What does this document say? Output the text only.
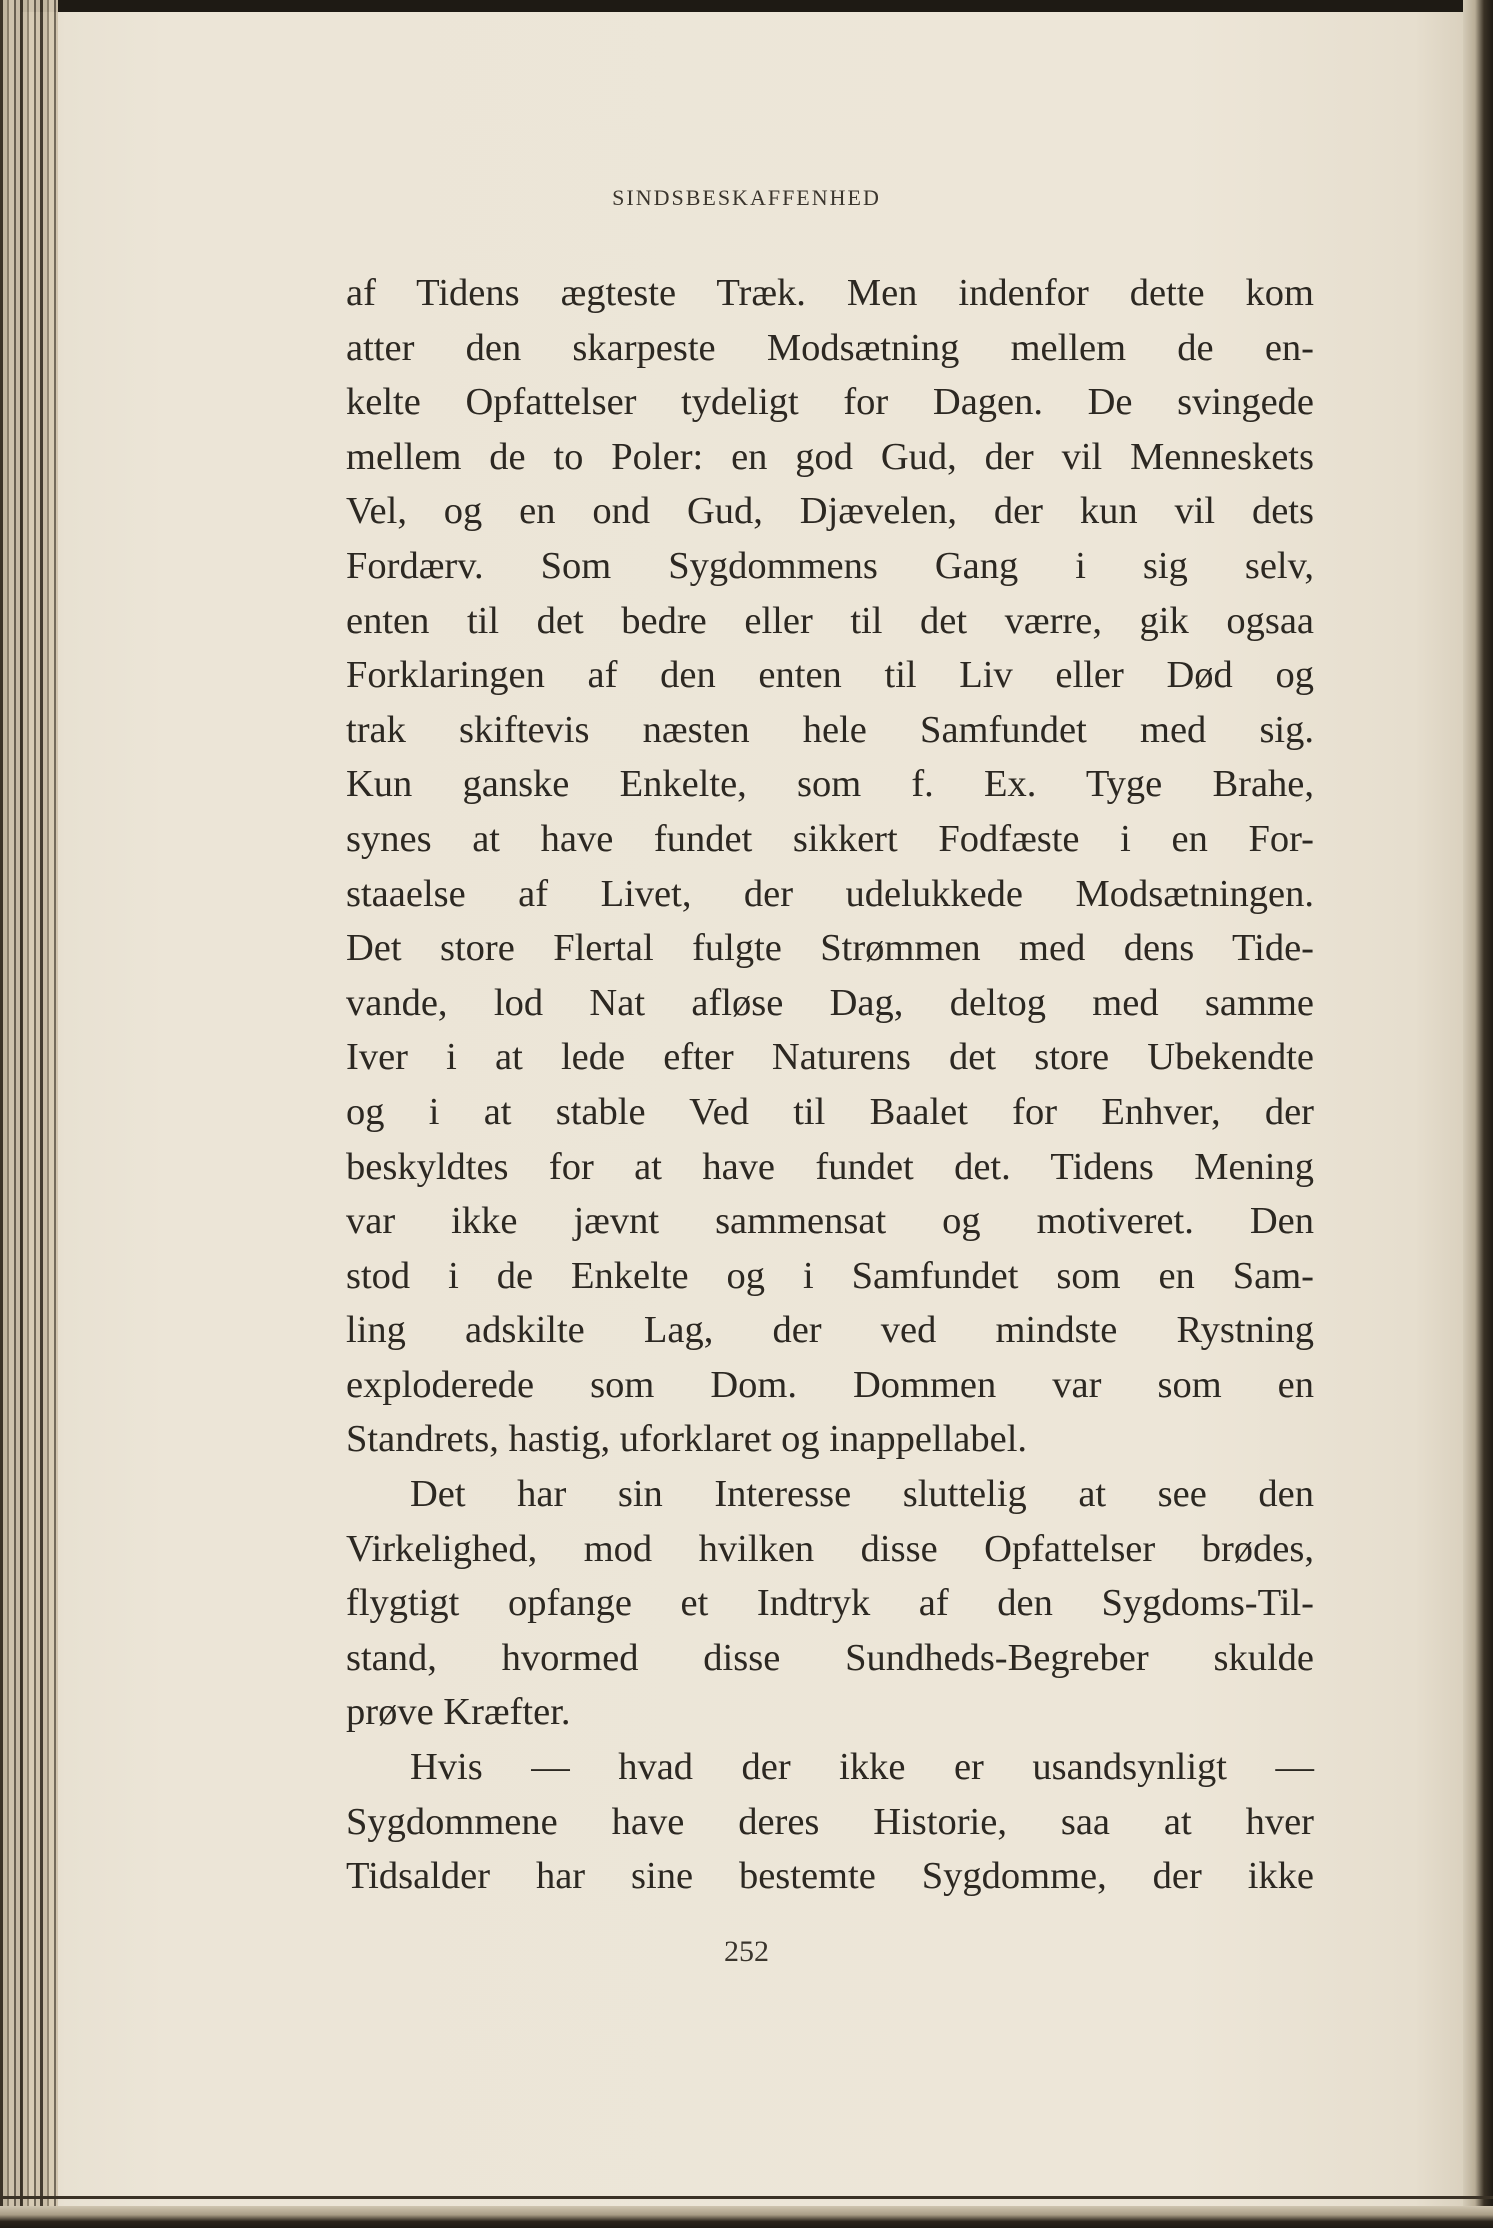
SINDSBESKAFFENHED
af Tidens ægteste Træk. Men indenfor dette kom
atter den skarpeste Modsætning mellem de en-
kelte Opfattelser tydeligt for Dagen. De svingede
mellem de to Poler: en god Gud, der vil Menneskets
Vel, og en ond Gud, Djævelen, der kun vil dets
Fordærv. Som Sygdommens Gang i sig selv,
enten til det bedre eller til det værre, gik ogsaa
Forklaringen af den enten til Liv eller Død og
trak skiftevis næsten hele Samfundet med sig.
Kun ganske Enkelte, som f. Ex. Tyge Brahe,
synes at have fundet sikkert Fodfæste i en For-
staaelse af Livet, der udelukkede Modsætningen.
Det store Flertal fulgte Strømmen med dens Tide-
vande, lod Nat afløse Dag, deltog med samme
Iver i at lede efter Naturens det store Ubekendte
og i at stable Ved til Baalet for Enhver, der
beskyldtes for at have fundet det. Tidens Mening
var ikke jævnt sammensat og motiveret. Den
stod i de Enkelte og i Samfundet som en Sam-
ling adskilte Lag, der ved mindste Rystning
exploderede som Dom. Dommen var som en
Standrets, hastig, uforklaret og inappellabel.
Det har sin Interesse sluttelig at see den
Virkelighed, mod hvilken disse Opfattelser brødes,
flygtigt opfange et Indtryk af den Sygdoms-Til-
stand, hvormed disse Sundheds-Begreber skulde
prøve Kræfter.
Hvis — hvad der ikke er usandsynligt —
Sygdommene have deres Historie, saa at hver
Tidsalder har sine bestemte Sygdomme, der ikke
252
